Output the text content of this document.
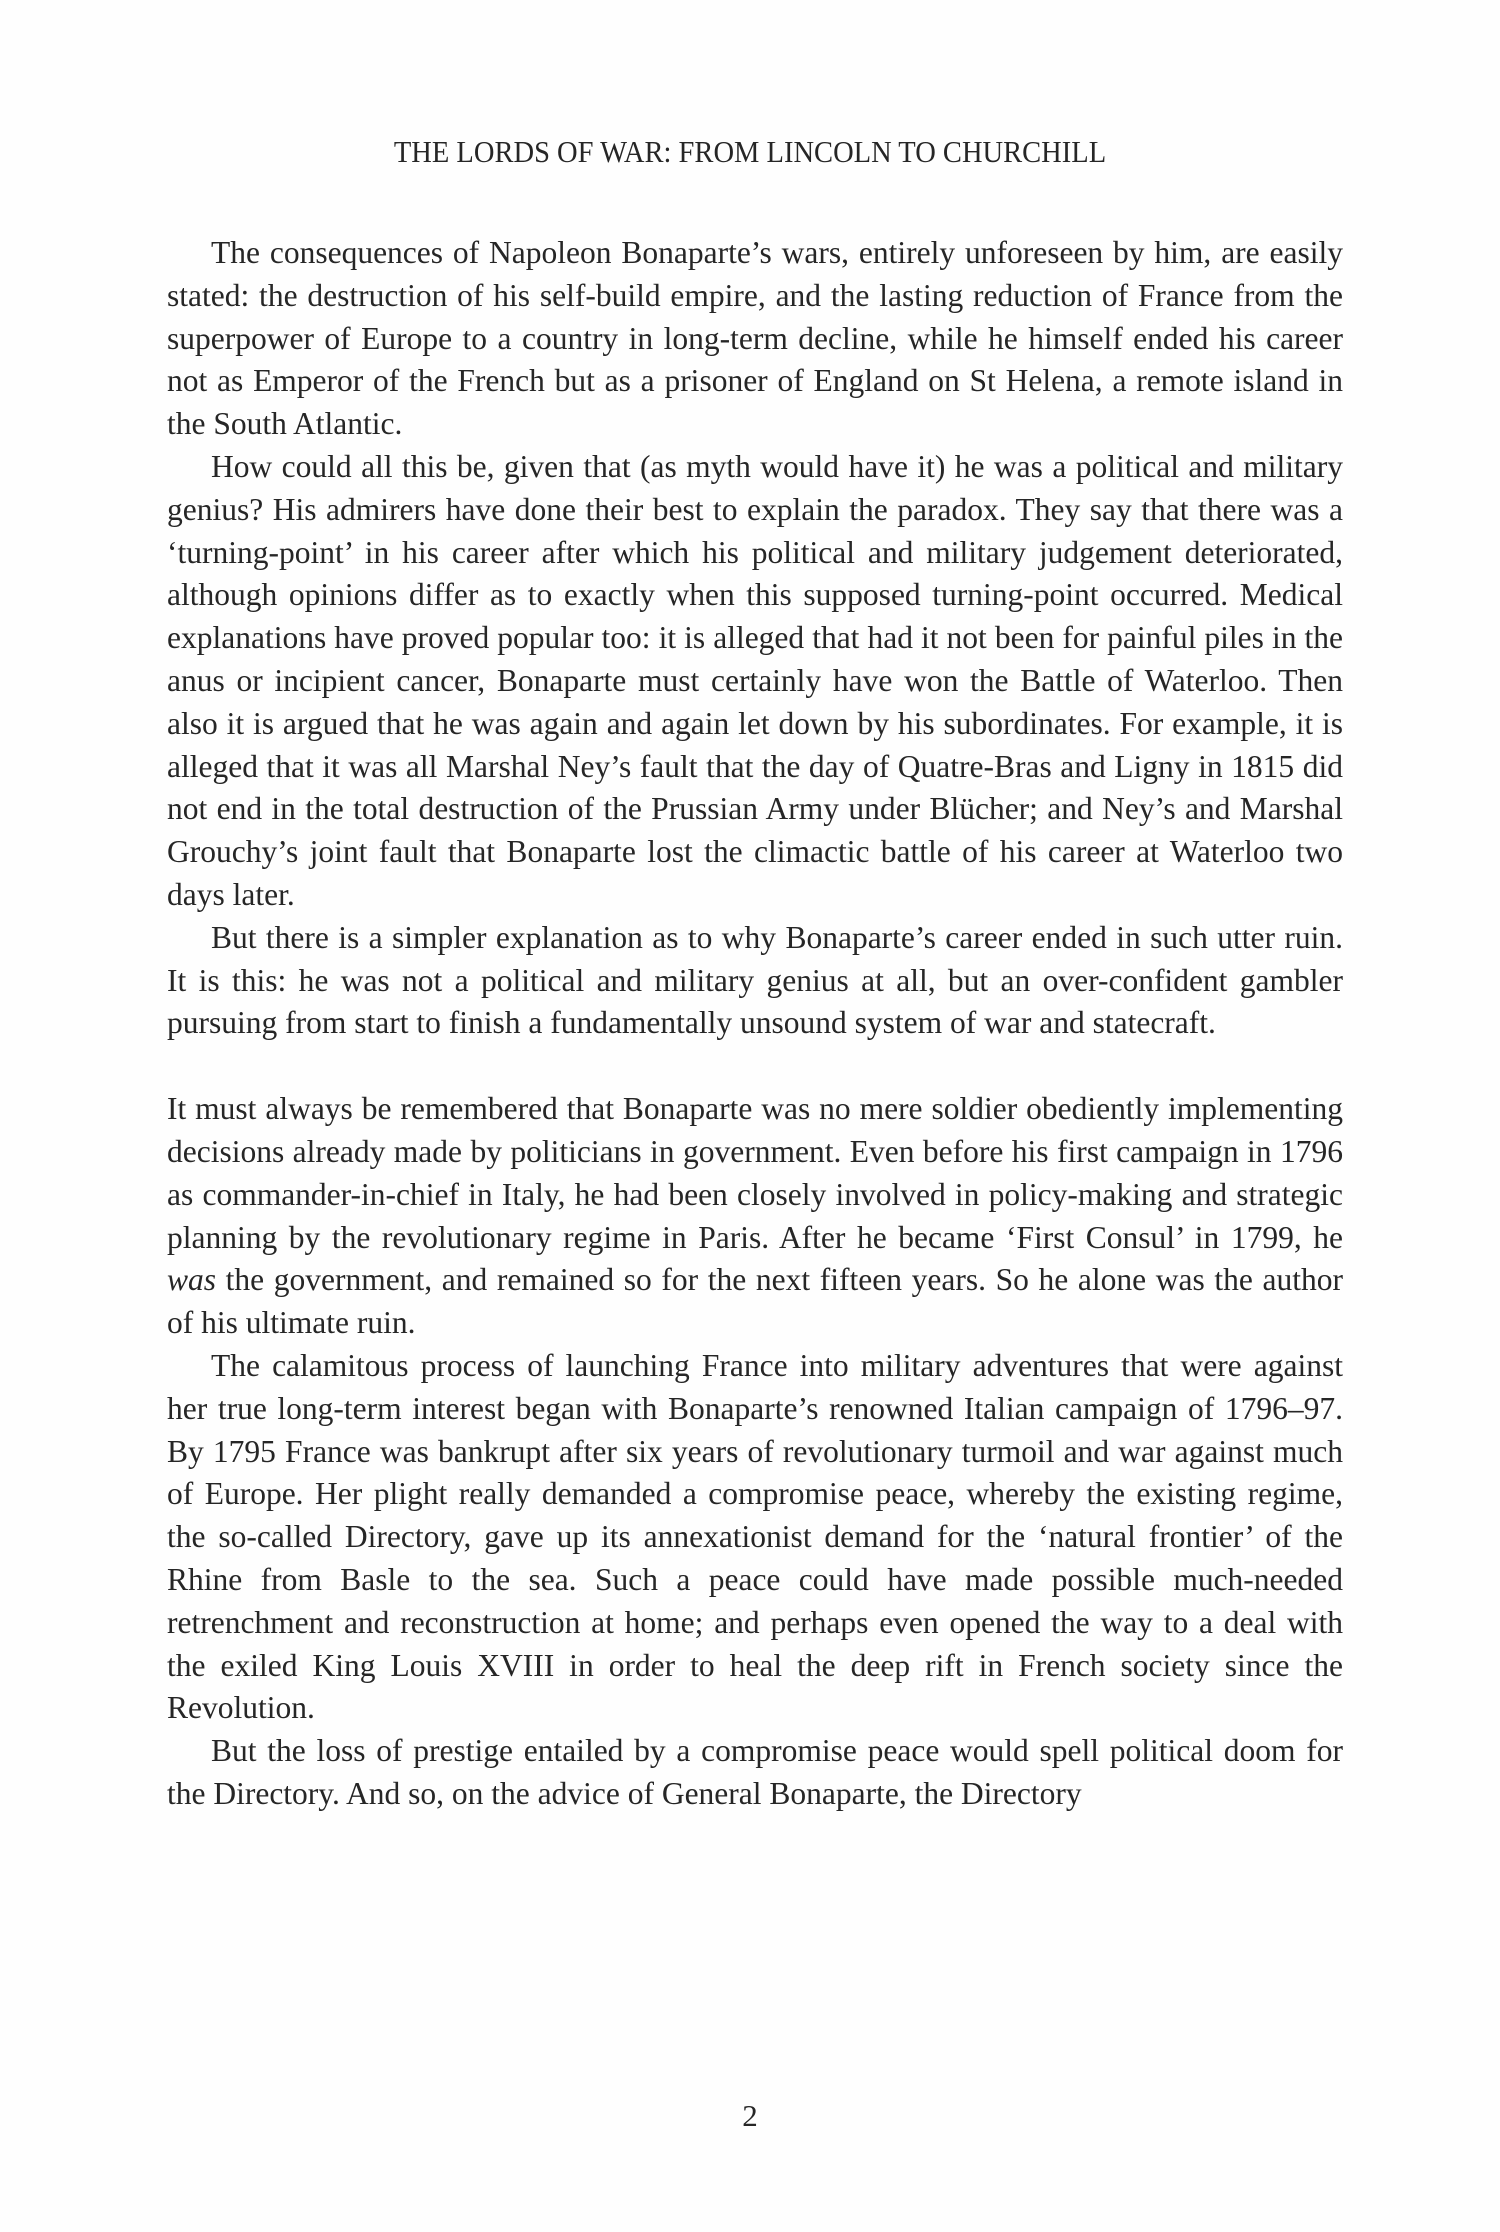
THE LORDS OF WAR: FROM LINCOLN TO CHURCHILL

The consequences of Napoleon Bonaparte’s wars, entirely unforeseen by him, are easily stated: the destruction of his self-build empire, and the lasting reduction of France from the superpower of Europe to a country in long-term decline, while he himself ended his career not as Emperor of the French but as a prisoner of England on St Helena, a remote island in the South Atlantic.

How could all this be, given that (as myth would have it) he was a political and military genius? His admirers have done their best to explain the paradox. They say that there was a ‘turning-point’ in his career after which his political and military judgement deteriorated, although opinions differ as to exactly when this supposed turning-point occurred. Medical explanations have proved popular too: it is alleged that had it not been for painful piles in the anus or incipient cancer, Bonaparte must certainly have won the Battle of Waterloo. Then also it is argued that he was again and again let down by his subordinates. For example, it is alleged that it was all Marshal Ney’s fault that the day of Quatre-Bras and Ligny in 1815 did not end in the total destruction of the Prussian Army under Blücher; and Ney’s and Marshal Grouchy’s joint fault that Bonaparte lost the climactic battle of his career at Waterloo two days later.

But there is a simpler explanation as to why Bonaparte’s career ended in such utter ruin. It is this: he was not a political and military genius at all, but an over-confident gambler pursuing from start to finish a fundamentally unsound system of war and statecraft.

It must always be remembered that Bonaparte was no mere soldier obediently implementing decisions already made by politicians in government. Even before his first campaign in 1796 as commander-in-chief in Italy, he had been closely involved in policy-making and strategic planning by the revolutionary regime in Paris. After he became ‘First Consul’ in 1799, he was the government, and remained so for the next fifteen years. So he alone was the author of his ultimate ruin.

The calamitous process of launching France into military adventures that were against her true long-term interest began with Bonaparte’s renowned Italian campaign of 1796–97. By 1795 France was bankrupt after six years of revolutionary turmoil and war against much of Europe. Her plight really demanded a compromise peace, whereby the existing regime, the so-called Directory, gave up its annexationist demand for the ‘natural frontier’ of the Rhine from Basle to the sea. Such a peace could have made possible much-needed retrenchment and reconstruction at home; and perhaps even opened the way to a deal with the exiled King Louis XVIII in order to heal the deep rift in French society since the Revolution.

But the loss of prestige entailed by a compromise peace would spell political doom for the Directory. And so, on the advice of General Bonaparte, the Directory

2
